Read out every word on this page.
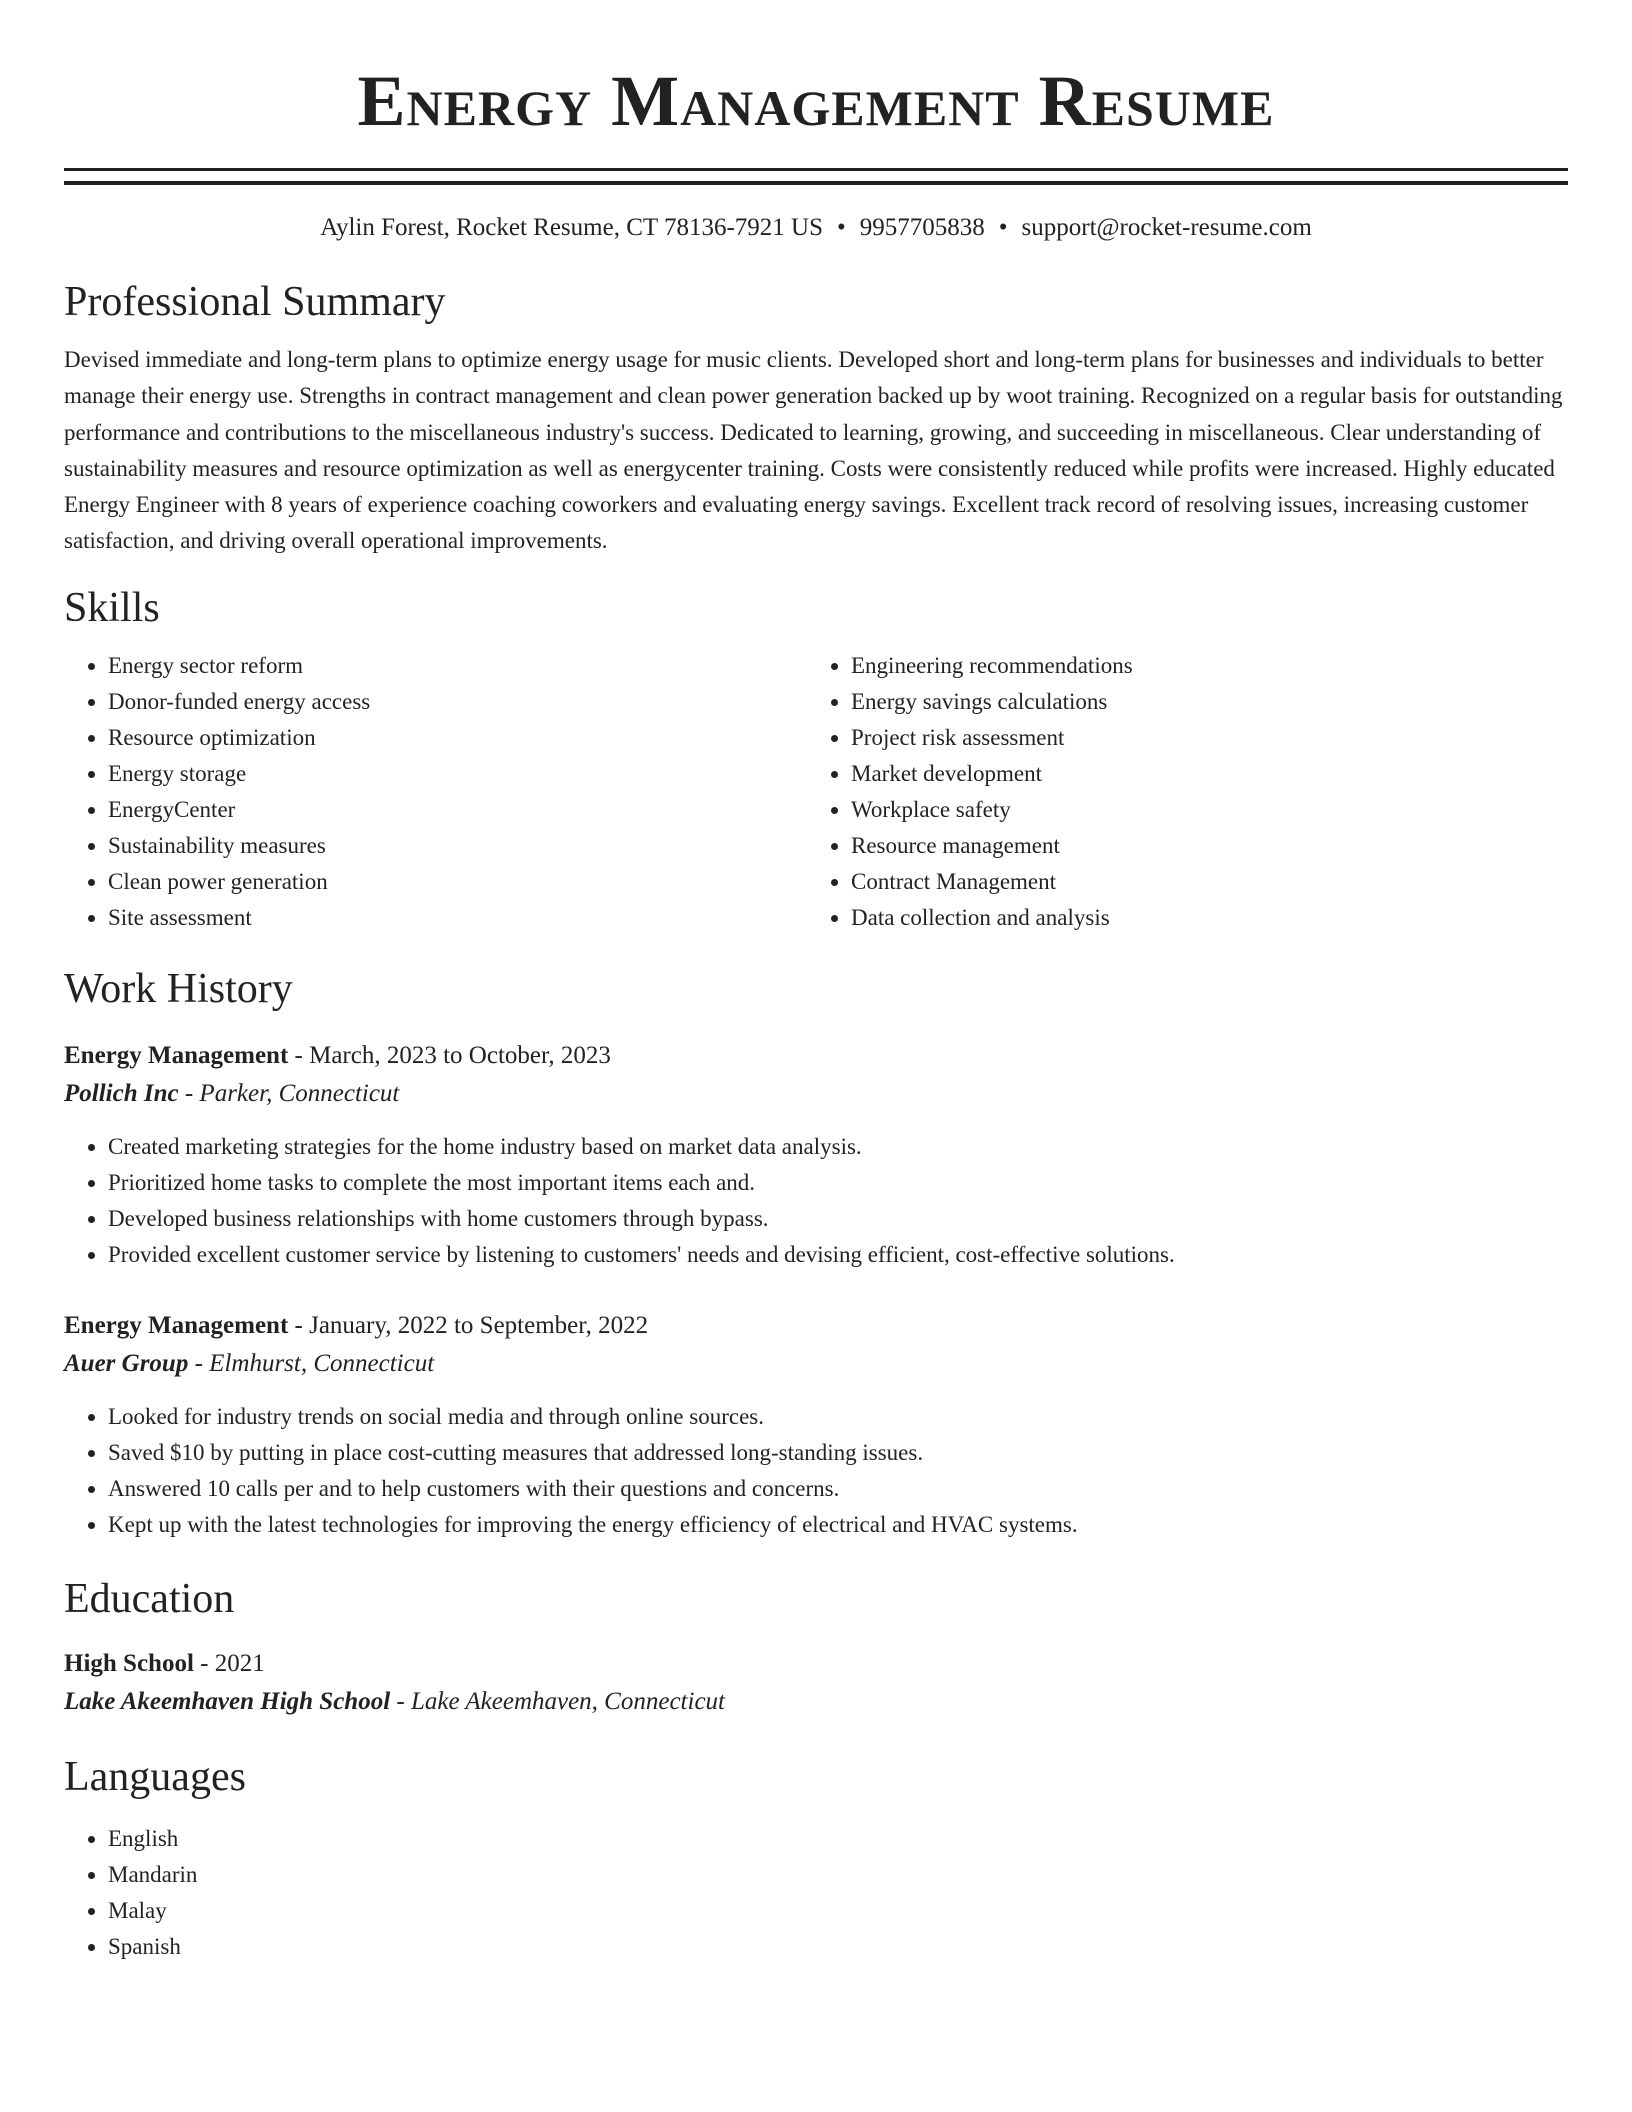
Energy Management Resume
Aylin Forest, Rocket Resume, CT 78136-7921 US • 9957705838 • support@rocket-resume.com
Professional Summary
Devised immediate and long-term plans to optimize energy usage for music clients. Developed short and long-term plans for businesses and individuals to better manage their energy use. Strengths in contract management and clean power generation backed up by woot training. Recognized on a regular basis for outstanding performance and contributions to the miscellaneous industry's success. Dedicated to learning, growing, and succeeding in miscellaneous. Clear understanding of sustainability measures and resource optimization as well as energycenter training. Costs were consistently reduced while profits were increased. Highly educated Energy Engineer with 8 years of experience coaching coworkers and evaluating energy savings. Excellent track record of resolving issues, increasing customer satisfaction, and driving overall operational improvements.
Skills
• Energy sector reform
• Donor-funded energy access
• Resource optimization
• Energy storage
• EnergyCenter
• Sustainability measures
• Clean power generation
• Site assessment
• Engineering recommendations
• Energy savings calculations
• Project risk assessment
• Market development
• Workplace safety
• Resource management
• Contract Management
• Data collection and analysis
Work History
Energy Management - March, 2023 to October, 2023
Pollich Inc - Parker, Connecticut
• Created marketing strategies for the home industry based on market data analysis.
• Prioritized home tasks to complete the most important items each and.
• Developed business relationships with home customers through bypass.
• Provided excellent customer service by listening to customers' needs and devising efficient, cost-effective solutions.
Energy Management - January, 2022 to September, 2022
Auer Group - Elmhurst, Connecticut
• Looked for industry trends on social media and through online sources.
• Saved $10 by putting in place cost-cutting measures that addressed long-standing issues.
• Answered 10 calls per and to help customers with their questions and concerns.
• Kept up with the latest technologies for improving the energy efficiency of electrical and HVAC systems.
Education
High School - 2021
Lake Akeemhaven High School - Lake Akeemhaven, Connecticut
Languages
• English
• Mandarin
• Malay
• Spanish
